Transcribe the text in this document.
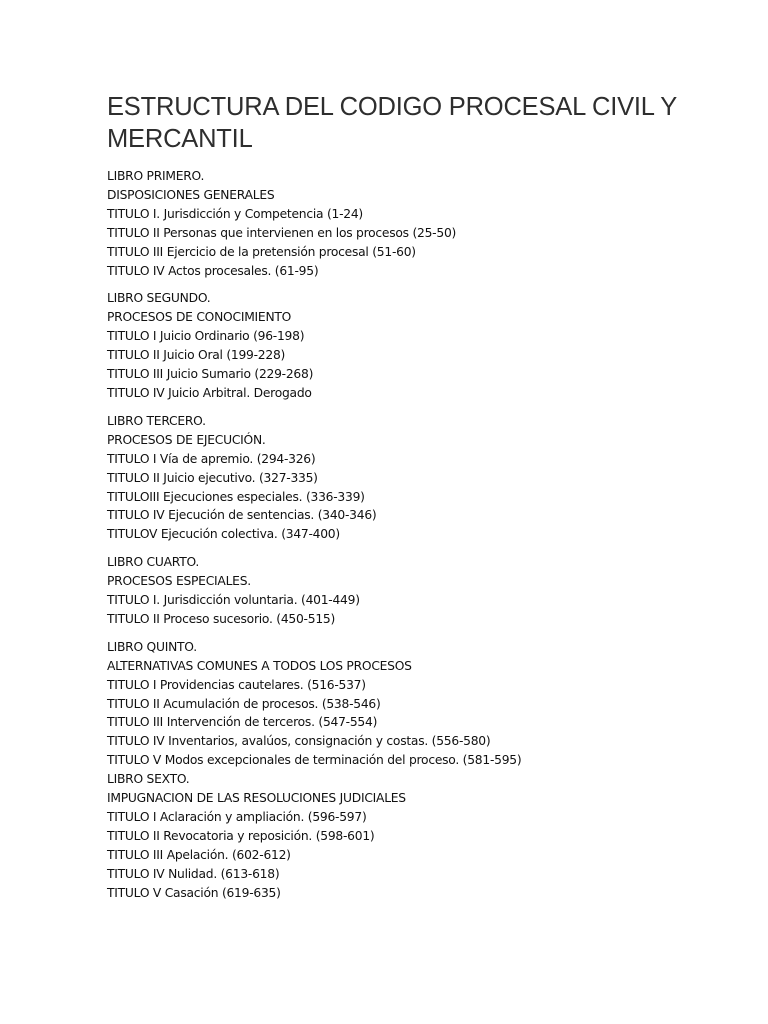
ESTRUCTURA DEL CODIGO PROCESAL CIVIL Y MERCANTIL
LIBRO PRIMERO.
DISPOSICIONES GENERALES
TITULO I. Jurisdicción y Competencia (1-24)
TITULO II Personas que intervienen en los procesos (25-50)
TITULO III Ejercicio de la pretensión procesal (51-60)
TITULO IV Actos procesales. (61-95)
LIBRO SEGUNDO.
PROCESOS DE CONOCIMIENTO
TITULO I Juicio Ordinario (96-198)
TITULO II Juicio Oral (199-228)
TITULO III Juicio Sumario (229-268)
TITULO IV Juicio Arbitral. Derogado
LIBRO TERCERO.
PROCESOS DE EJECUCIÓN.
TITULO I Vía de apremio. (294-326)
TITULO II Juicio ejecutivo. (327-335)
TITULOIII Ejecuciones especiales. (336-339)
TITULO IV Ejecución de sentencias. (340-346)
TITULOV Ejecución colectiva. (347-400)
LIBRO CUARTO.
PROCESOS ESPECIALES.
TITULO I. Jurisdicción voluntaria. (401-449)
TITULO II Proceso sucesorio. (450-515)
LIBRO QUINTO.
ALTERNATIVAS COMUNES A TODOS LOS PROCESOS
TITULO I Providencias cautelares. (516-537)
TITULO II Acumulación de procesos. (538-546)
TITULO III Intervención de terceros. (547-554)
TITULO IV Inventarios, avalúos, consignación y costas. (556-580)
TITULO V Modos excepcionales de terminación del proceso. (581-595)
LIBRO SEXTO.
IMPUGNACION DE LAS RESOLUCIONES JUDICIALES
TITULO I Aclaración y ampliación. (596-597)
TITULO II Revocatoria y reposición. (598-601)
TITULO III Apelación. (602-612)
TITULO IV Nulidad. (613-618)
TITULO V Casación (619-635)
